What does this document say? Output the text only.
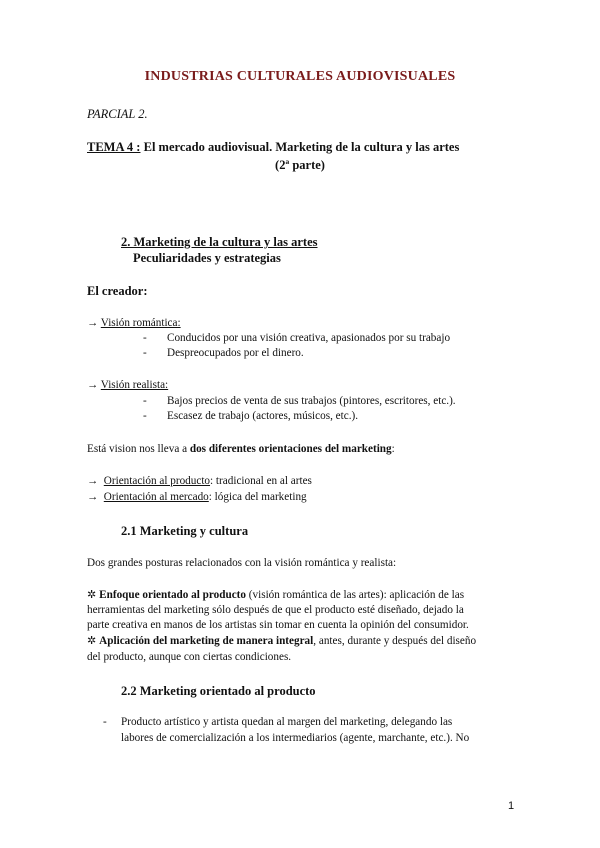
INDUSTRIAS CULTURALES AUDIOVISUALES

PARCIAL 2.

TEMA 4 : El mercado audiovisual. Marketing de la cultura y las artes

(2ª parte)

2. Marketing de la cultura y las artes

Peculiaridades y estrategias

El creador:

→ Visión romántica:

- Conducidos por una visión creativa, apasionados por su trabajo

- Despreocupados por el dinero.

→ Visión realista:

- Bajos precios de venta de sus trabajos (pintores, escritores, etc.).

- Escasez de trabajo (actores, músicos, etc.).

Está vision nos lleva a dos diferentes orientaciones del marketing:

→ Orientación al producto: tradicional en al artes

→ Orientación al mercado: lógica del marketing

2.1 Marketing y cultura

Dos grandes posturas relacionados con la visión romántica y realista:

✲ Enfoque orientado al producto (visión romántica de las artes): aplicación de las

herramientas del marketing sólo después de que el producto esté diseñado, dejado la

parte creativa en manos de los artistas sin tomar en cuenta la opinión del consumidor.

✲ Aplicación del marketing de manera integral, antes, durante y después del diseño

del producto, aunque con ciertas condiciones.

2.2 Marketing orientado al producto

- Producto artístico y artista quedan al margen del marketing, delegando las

labores de comercialización a los intermediarios (agente, marchante, etc.). No

1
